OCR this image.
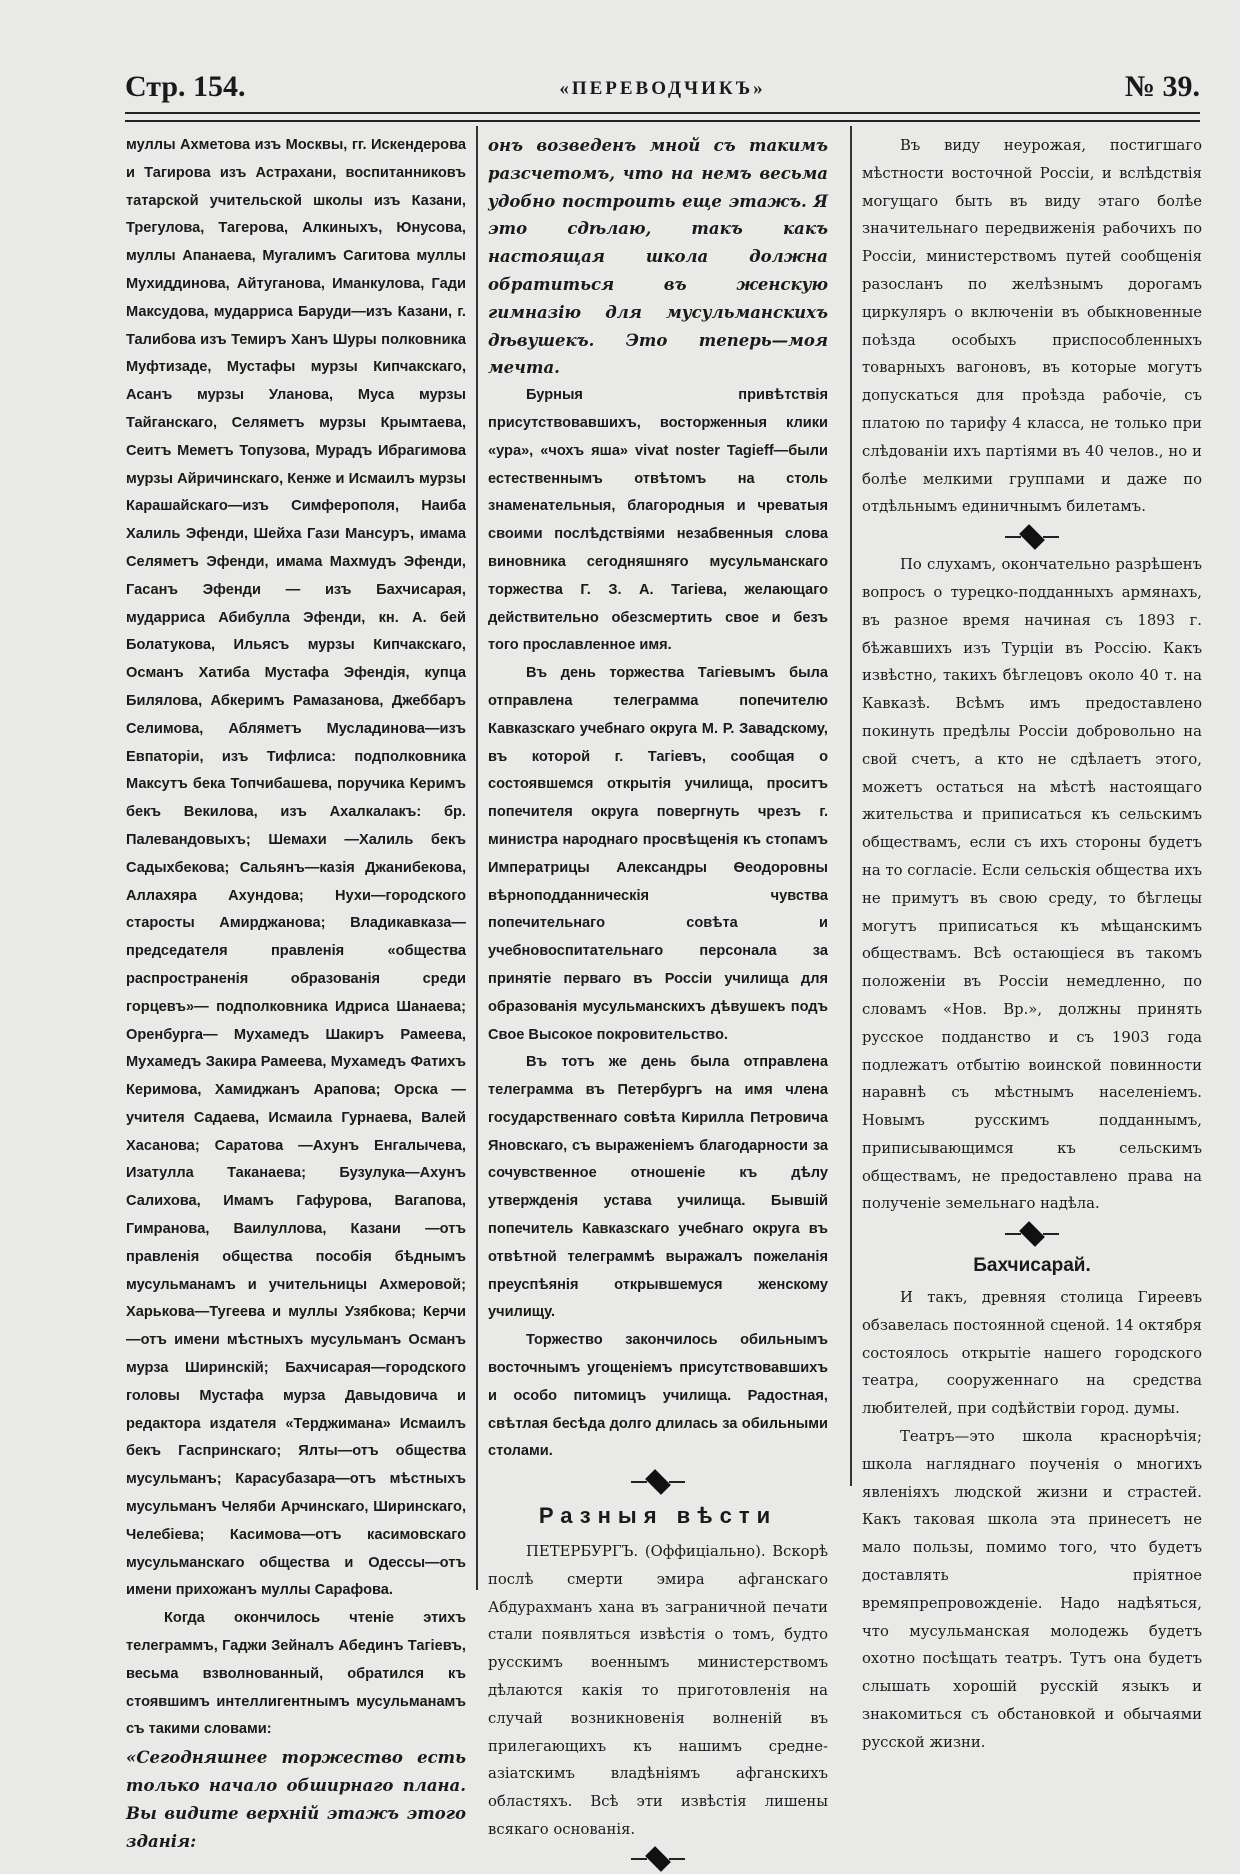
Стр. 154.	«ПЕРЕВОДЧИКЪ»	№ 39.

муллы Ахметова изъ Москвы, гг. Искендерова и Тагирова изъ Астрахани, воспитанниковъ татарской учительской школы изъ Казани, Трегулова, Тагерова, Алкиныхъ, Юнусова, муллы Апанаева, Мугалимъ Сагитова муллы Мухиддинова, Айтуганова, Иманкулова, Гади Максудова, мударриса Баруди—изъ Казани, г. Талибова изъ Темиръ Ханъ Шуры полковника Муфтизаде, Мустафы мурзы Кипчакскаго, Асанъ мурзы Уланова, Муса мурзы Тайганскаго, Селяметъ мурзы Крымтаева, Сеитъ Меметъ Топузова, Мурадъ Ибрагимова мурзы Айричинскаго, Кенже и Исмаилъ мурзы Карашайскаго—изъ Симферополя, Наиба Халиль Эфенди, Шейха Гази Мансуръ, имама Селяметъ Эфенди, имама Махмудъ Эфенди, Гасанъ Эфенди — изъ Бахчисарая, мударриса Абибулла Эфенди, кн. А. бей Болатукова, Ильясъ мурзы Кипчакскаго, Османъ Хатиба Мустафа Эфендія, купца Билялова, Абкеримъ Рамазанова, Джеббаръ Селимова, Абляметъ Мусладинова—изъ Евпаторіи, изъ Тифлиса: подполковника Максутъ бека Топчибашева, поручика Керимъ бекъ Векилова, изъ Ахалкалакъ: бр. Палевандовыхъ; Шемахи —Халиль бекъ Садыхбекова; Сальянъ—казія Джанибекова, Аллахяра Ахундова; Нухи—городского старосты Амирджанова; Владикавказа—председателя правленія «общества распространенія образованія среди горцевъ»— подполковника Идриса Шанаева; Оренбурга— Мухамедъ Шакиръ Рамеева, Мухамедъ Закира Рамеева, Мухамедъ Фатихъ Керимова, Хамиджанъ Арапова; Орска —учителя Садаева, Исмаила Гурнаева, Валей Хасанова; Саратова —Ахунъ Енгалычева, Изатулла Таканаева; Бузулука—Ахунъ Салихова, Имамъ Гафурова, Вагапова, Гимранова, Ваилуллова, Казани —отъ правленія общества пособія бѣднымъ мусульманамъ и учительницы Ахмеровой; Харькова—Тугеева и муллы Узябкова; Керчи —отъ имени мѣстныхъ мусульманъ Османъ мурза Ширинскій; Бахчисарая—городского головы Мустафа мурза Давыдовича и редактора издателя «Терджимана» Исмаилъ бекъ Гаспринскаго; Ялты—отъ общества мусульманъ; Карасубазара—отъ мѣстныхъ мусульманъ Челяби Арчинскаго, Ширинскаго, Челебіева; Касимова—отъ касимовскаго мусульманскаго общества и Одессы—отъ имени прихожанъ муллы Сарафова.

Когда окончилось чтеніе этихъ телеграммъ, Гаджи Зейналъ Абединъ Тагіевъ, весьма взволнованный, обратился къ стоявшимъ интеллигентнымъ мусульманамъ съ такими словами:

«Сегодняшнее торжество есть только начало обширнаго плана. Вы видите верхній этажъ этого зданія:

онъ возведенъ мной съ такимъ разсчетомъ, что на немъ весьма удобно построить еще этажъ. Я это сдѣлаю, такъ какъ настоящая школа должна обратиться въ женскую гимназію для мусульманскихъ дѣвушекъ. Это теперь—моя мечта.

Бурныя привѣтствія присутствовавшихъ, восторженныя клики «ура», «чохъ яша» vivat noster Tagieff—были естественнымъ отвѣтомъ на столь знаменательныя, благородныя и чреватыя своими послѣдствіями незабвенныя слова виновника сегодняшняго мусульманскаго торжества Г. З. А. Тагіева, желающаго действительно обезсмертить свое и безъ того прославленное имя.

Въ день торжества Тагіевымъ была отправлена телеграмма попечителю Кавказскаго учебнаго округа М. Р. Завадскому, въ которой г. Тагіевъ, сообщая о состоявшемся открытія училища, проситъ попечителя округа повергнуть чрезъ г. министра народнаго просвѣщенія къ стопамъ Императрицы Александры Ѳеодоровны вѣрноподданническія чувства попечительнаго совѣта и учебновоспитательнаго персонала за принятіе перваго въ Россіи училища для образованія мусульманскихъ дѣвушекъ подъ Свое Высокое покровительство.

Въ тотъ же день была отправлена телеграмма въ Петербургъ на имя члена государственнаго совѣта Кирилла Петровича Яновскаго, съ выраженіемъ благодарности за сочувственное отношеніе къ дѣлу утвержденія устава училища. Бывшій попечитель Кавказскаго учебнаго округа въ отвѣтной телеграммѣ выражалъ пожеланія преуспѣянія открывшемуся женскому училищу.

Торжество закончилось обильнымъ восточнымъ угощеніемъ присутствовавшихъ и особо питомицъ училища. Радостная, свѣтлая бесѣда долго длилась за обильными столами.

Разныя вѣсти

ПЕТЕРБУРГЪ. (Оффиціально). Вскорѣ послѣ смерти эмира афганскаго Абдурахманъ хана въ заграничной печати стали появляться извѣстія о томъ, будто русскимъ военнымъ министерствомъ дѣлаются какія то приготовленія на случай возникновенія волненій въ прилегающихъ къ нашимъ средне-азіатскимъ владѣніямъ афганскихъ областяхъ. Всѣ эти извѣстія лишены всякаго основанія.

Въ виду неурожая, постигшаго мѣстности восточной Россіи, и вслѣдствія могущаго быть въ виду этаго болѣе значительнаго передвиженія рабочихъ по Россіи, министерствомъ путей сообщенія разосланъ по желѣзнымъ дорогамъ циркуляръ о включеніи въ обыкновенные поѣзда особыхъ приспособленныхъ товарныхъ вагоновъ, въ которые могутъ допускаться для проѣзда рабочіе, съ платою по тарифу 4 класса, не только при слѣдованіи ихъ партіями въ 40 челов., но и болѣе мелкими группами и даже по отдѣльнымъ единичнымъ билетамъ.

По слухамъ, окончательно разрѣшенъ вопросъ о турецко-подданныхъ армянахъ, въ разное время начиная съ 1893 г. бѣжавшихъ изъ Турціи въ Россію. Какъ извѣстно, такихъ бѣглецовъ около 40 т. на Кавказѣ. Всѣмъ имъ предоставлено покинуть предѣлы Россіи добровольно на свой счетъ, а кто не сдѣлаетъ этого, можетъ остаться на мѣстѣ настоящаго жительства и приписаться къ сельскимъ обществамъ, если съ ихъ стороны будетъ на то согласіе. Если сельскія общества ихъ не примутъ въ свою среду, то бѣглецы могутъ приписаться къ мѣщанскимъ обществамъ. Всѣ остающіеся въ такомъ положеніи въ Россіи немедленно, по словамъ «Нов. Вр.», должны принять русское подданство и съ 1903 года подлежатъ отбытію воинской повинности наравнѣ съ мѣстнымъ населеніемъ. Новымъ русскимъ подданнымъ, приписывающимся къ сельскимъ обществамъ, не предоставлено права на полученіе земельнаго надѣла.

Бахчисарай.

И такъ, древняя столица Гиреевъ обзавелась постоянной сценой. 14 октября состоялось открытіе нашего городского театра, сооруженнаго на средства любителей, при содѣйствіи город. думы.

Театръ—это школа краснорѣчія; школа нагляднаго поученія о многихъ явленіяхъ людской жизни и страстей. Какъ таковая школа эта принесетъ не мало пользы, помимо того, что будетъ доставлять пріятное времяпрепровожденіе. Надо надѣяться, что мусульманская молодежь будетъ охотно посѣщать театръ. Тутъ она будетъ слышать хорошій русскій языкъ и знакомиться съ обстановкой и обычаями русской жизни.
